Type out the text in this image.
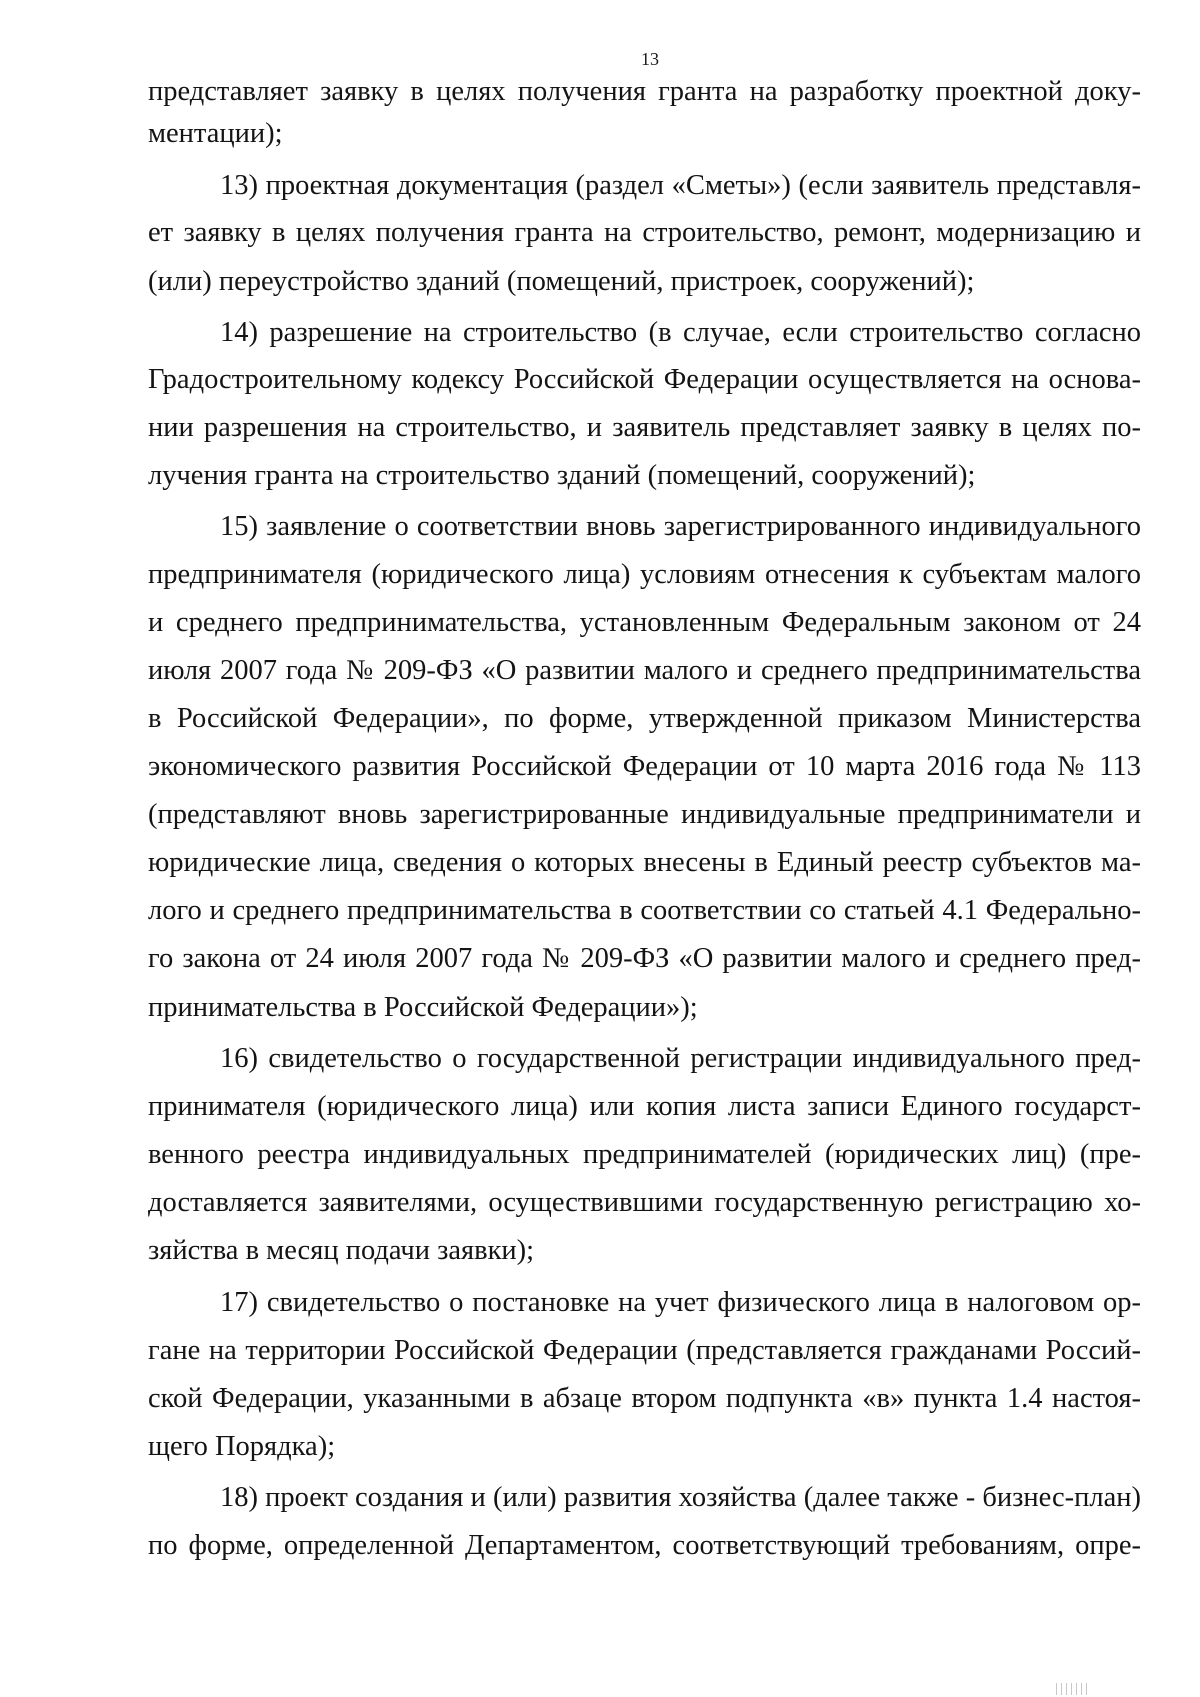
13
представляет заявку в целях получения гранта на разработку проектной доку-
ментации);
13) проектная документация (раздел «Сметы») (если заявитель представля-
ет заявку в целях получения гранта на строительство, ремонт, модернизацию и
(или) переустройство зданий (помещений, пристроек, сооружений);
14) разрешение на строительство (в случае, если строительство согласно
Градостроительному кодексу Российской Федерации осуществляется на основа-
нии разрешения на строительство, и заявитель представляет заявку в целях по-
лучения гранта на строительство зданий (помещений, сооружений);
15) заявление о соответствии вновь зарегистрированного индивидуального
предпринимателя (юридического лица) условиям отнесения к субъектам малого
и среднего предпринимательства, установленным Федеральным законом от 24
июля 2007 года № 209-ФЗ «О развитии малого и среднего предпринимательства
в Российской Федерации», по форме, утвержденной приказом Министерства
экономического развития Российской Федерации от 10 марта 2016 года № 113
(представляют вновь зарегистрированные индивидуальные предприниматели и
юридические лица, сведения о которых внесены в Единый реестр субъектов ма-
лого и среднего предпринимательства в соответствии со статьей 4.1 Федерально-
го закона от 24 июля 2007 года № 209-ФЗ «О развитии малого и среднего пред-
принимательства в Российской Федерации»);
16) свидетельство о государственной регистрации индивидуального пред-
принимателя (юридического лица) или копия листа записи Единого государст-
венного реестра индивидуальных предпринимателей (юридических лиц) (пре-
доставляется заявителями, осуществившими государственную регистрацию хо-
зяйства в месяц подачи заявки);
17) свидетельство о постановке на учет физического лица в налоговом ор-
гане на территории Российской Федерации (представляется гражданами Россий-
ской Федерации, указанными в абзаце втором подпункта «в» пункта 1.4 настоя-
щего Порядка);
18) проект создания и (или) развития хозяйства (далее также - бизнес-план)
по форме, определенной Департаментом, соответствующий требованиям, опре-
